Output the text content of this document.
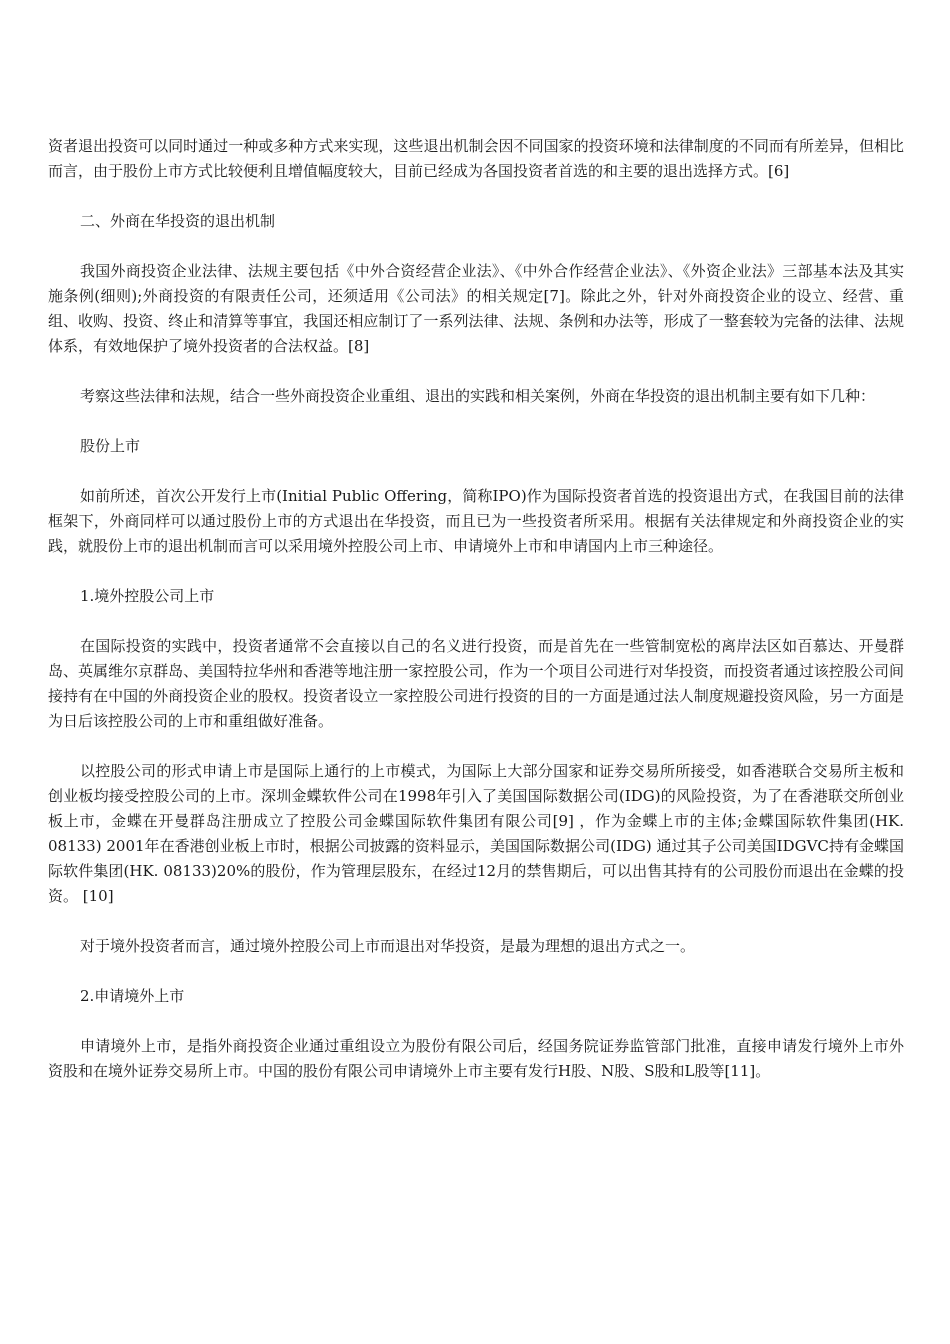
资者退出投资可以同时通过一种或多种方式来实现，这些退出机制会因不同国家的投资环境和法律制度的不同而有所差异，但相比而言，由于股份上市方式比较便利且增值幅度较大，目前已经成为各国投资者首选的和主要的退出选择方式。[6]

二、外商在华投资的退出机制

我国外商投资企业法律、法规主要包括《中外合资经营企业法》、《中外合作经营企业法》、《外资企业法》三部基本法及其实施条例(细则);外商投资的有限责任公司，还须适用《公司法》的相关规定[7]。除此之外，针对外商投资企业的设立、经营、重组、收购、投资、终止和清算等事宜，我国还相应制订了一系列法律、法规、条例和办法等，形成了一整套较为完备的法律、法规体系，有效地保护了境外投资者的合法权益。[8]

考察这些法律和法规，结合一些外商投资企业重组、退出的实践和相关案例，外商在华投资的退出机制主要有如下几种：

股份上市

如前所述，首次公开发行上市(Initial Public Offering，简称IPO)作为国际投资者首选的投资退出方式，在我国目前的法律框架下，外商同样可以通过股份上市的方式退出在华投资，而且已为一些投资者所采用。根据有关法律规定和外商投资企业的实践，就股份上市的退出机制而言可以采用境外控股公司上市、申请境外上市和申请国内上市三种途径。

1.境外控股公司上市

在国际投资的实践中，投资者通常不会直接以自己的名义进行投资，而是首先在一些管制宽松的离岸法区如百慕达、开曼群岛、英属维尔京群岛、美国特拉华州和香港等地注册一家控股公司，作为一个项目公司进行对华投资，而投资者通过该控股公司间接持有在中国的外商投资企业的股权。投资者设立一家控股公司进行投资的目的一方面是通过法人制度规避投资风险，另一方面是为日后该控股公司的上市和重组做好准备。

以控股公司的形式申请上市是国际上通行的上市模式，为国际上大部分国家和证券交易所所接受，如香港联合交易所主板和创业板均接受控股公司的上市。深圳金蝶软件公司在1998年引入了美国国际数据公司(IDG)的风险投资，为了在香港联交所创业板上市，金蝶在开曼群岛注册成立了控股公司金蝶国际软件集团有限公司[9] ，作为金蝶上市的主体;金蝶国际软件集团(HK. 08133) 2001年在香港创业板上市时，根据公司披露的资料显示，美国国际数据公司(IDG) 通过其子公司美国IDGVC持有金蝶国际软件集团(HK. 08133)20%的股份，作为管理层股东，在经过12月的禁售期后，可以出售其持有的公司股份而退出在金蝶的投资。 [10]

对于境外投资者而言，通过境外控股公司上市而退出对华投资，是最为理想的退出方式之一。

2.申请境外上市

申请境外上市，是指外商投资企业通过重组设立为股份有限公司后，经国务院证券监管部门批准，直接申请发行境外上市外资股和在境外证券交易所上市。中国的股份有限公司申请境外上市主要有发行H股、N股、S股和L股等[11]。
